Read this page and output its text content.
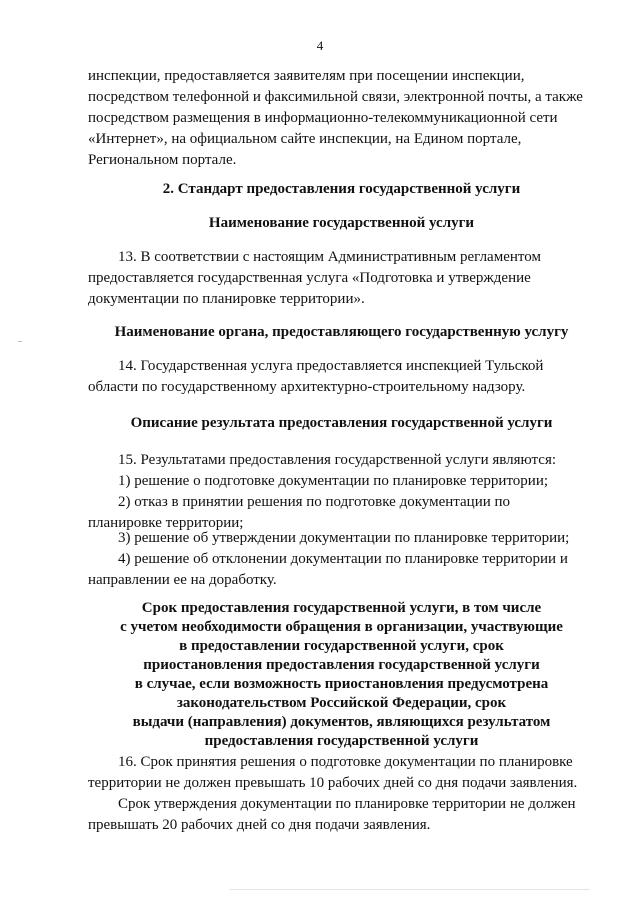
4

инспекции, предоставляется заявителям при посещении инспекции,
посредством телефонной и факсимильной связи, электронной почты, а также
посредством размещения в информационно-телекоммуникационной сети
«Интернет», на официальном сайте инспекции, на Едином портале,
Региональном портале.

2. Стандарт предоставления государственной услуги

Наименование государственной услуги

13. В соответствии с настоящим Административным регламентом
предоставляется государственная услуга «Подготовка и утверждение
документации по планировке территории».

Наименование органа, предоставляющего государственную услугу

14. Государственная услуга предоставляется инспекцией Тульской
области по государственному архитектурно-строительному надзору.

Описание результата предоставления государственной услуги

15. Результатами предоставления государственной услуги являются:
1) решение о подготовке документации по планировке территории;
2) отказ в принятии решения по подготовке документации по
планировке территории;
3) решение об утверждении документации по планировке территории;
4) решение об отклонении документации по планировке территории и
направлении ее на доработку.

Срок предоставления государственной услуги, в том числе
с учетом необходимости обращения в организации, участвующие
в предоставлении государственной услуги, срок
приостановления предоставления государственной услуги
в случае, если возможность приостановления предусмотрена
законодательством Российской Федерации, срок
выдачи (направления) документов, являющихся результатом
предоставления государственной услуги

16. Срок принятия решения о подготовке документации по планировке
территории не должен превышать 10 рабочих дней со дня подачи заявления.

Срок утверждения документации по планировке территории не должен
превышать 20 рабочих дней со дня подачи заявления.
